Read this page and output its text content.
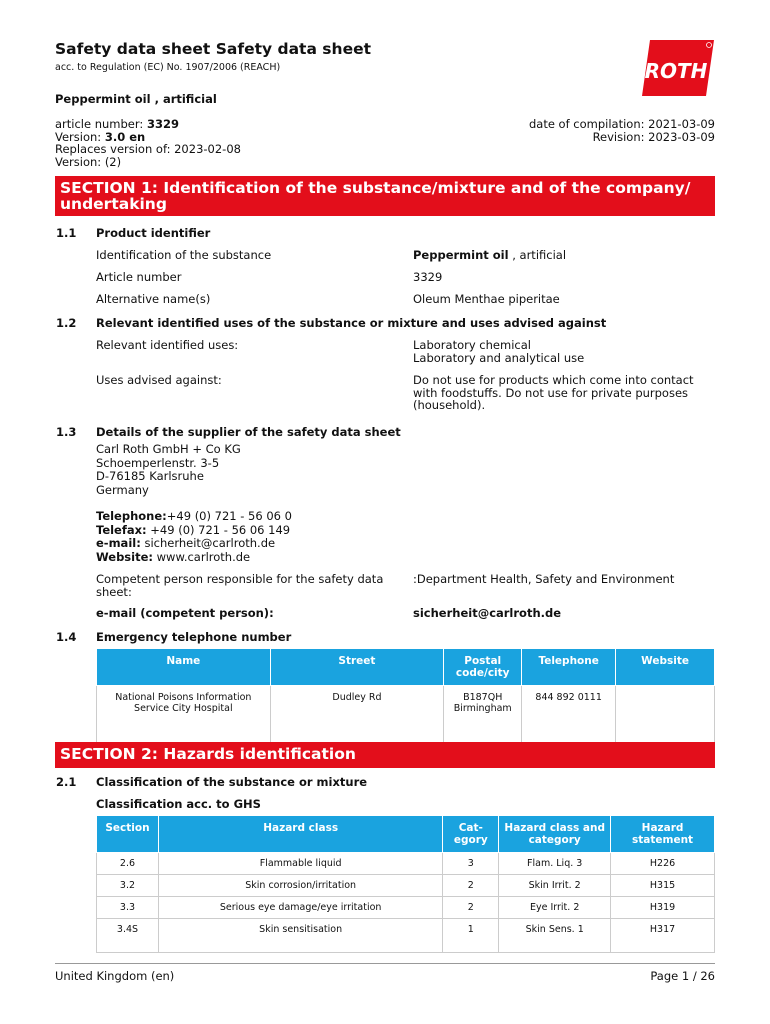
Safety data sheet Safety data sheet
acc. to Regulation (EC) No. 1907/2006 (REACH)	ROTH
Peppermint oil , artificial
article number: 3329
Version: 3.0 en
Replaces version of: 2023-02-08
Version: (2)
date of compilation: 2021-03-09
Revision: 2023-03-09
SECTION 1: Identification of the substance/mixture and of the company/ undertaking
1.1 Product identifier
Identification of the substance	Peppermint oil , artificial
Article number	3329
Alternative name(s)	Oleum Menthae piperitae
1.2 Relevant identified uses of the substance or mixture and uses advised against
Relevant identified uses:	Laboratory chemical
Laboratory and analytical use
Uses advised against:	Do not use for products which come into contact with foodstuffs. Do not use for private purposes (household).
1.3 Details of the supplier of the safety data sheet
Carl Roth GmbH + Co KG
Schoemperlenstr. 3-5
D-76185 Karlsruhe
Germany
Telephone:+49 (0) 721 - 56 06 0
Telefax: +49 (0) 721 - 56 06 149
e-mail: sicherheit@carlroth.de
Website: www.carlroth.de
Competent person responsible for the safety data sheet:
:Department Health, Safety and Environment
e-mail (competent person):	sicherheit@carlroth.de
1.4 Emergency telephone number
Name	Street	Postal code/city	Telephone	Website
National Poisons Information Service City Hospital	Dudley Rd	B187QH Birmingham	844 892 0111	
SECTION 2: Hazards identification
2.1 Classification of the substance or mixture
Classification acc. to GHS
Section	Hazard class	Cat-egory	Hazard class and category	Hazard statement
2.6	Flammable liquid	3	Flam. Liq. 3	H226
3.2	Skin corrosion/irritation	2	Skin Irrit. 2	H315
3.3	Serious eye damage/eye irritation	2	Eye Irrit. 2	H319
3.4S	Skin sensitisation	1	Skin Sens. 1	H317
United Kingdom (en)	Page 1 / 26
